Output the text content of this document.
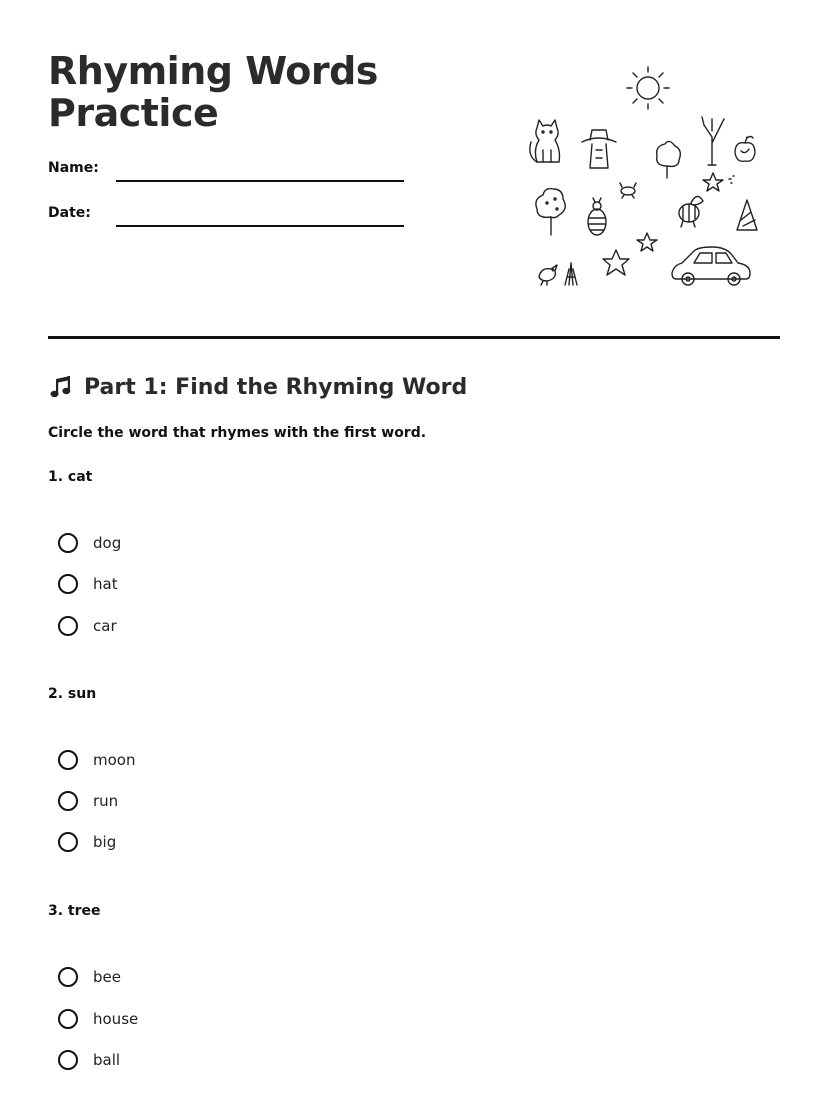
Rhyming Words
Practice
Name:
Date:
Part 1: Find the Rhyming Word
Circle the word that rhymes with the first word.
1. cat
dog
hat
car
2. sun
moon
run
big
3. tree
bee
house
ball
